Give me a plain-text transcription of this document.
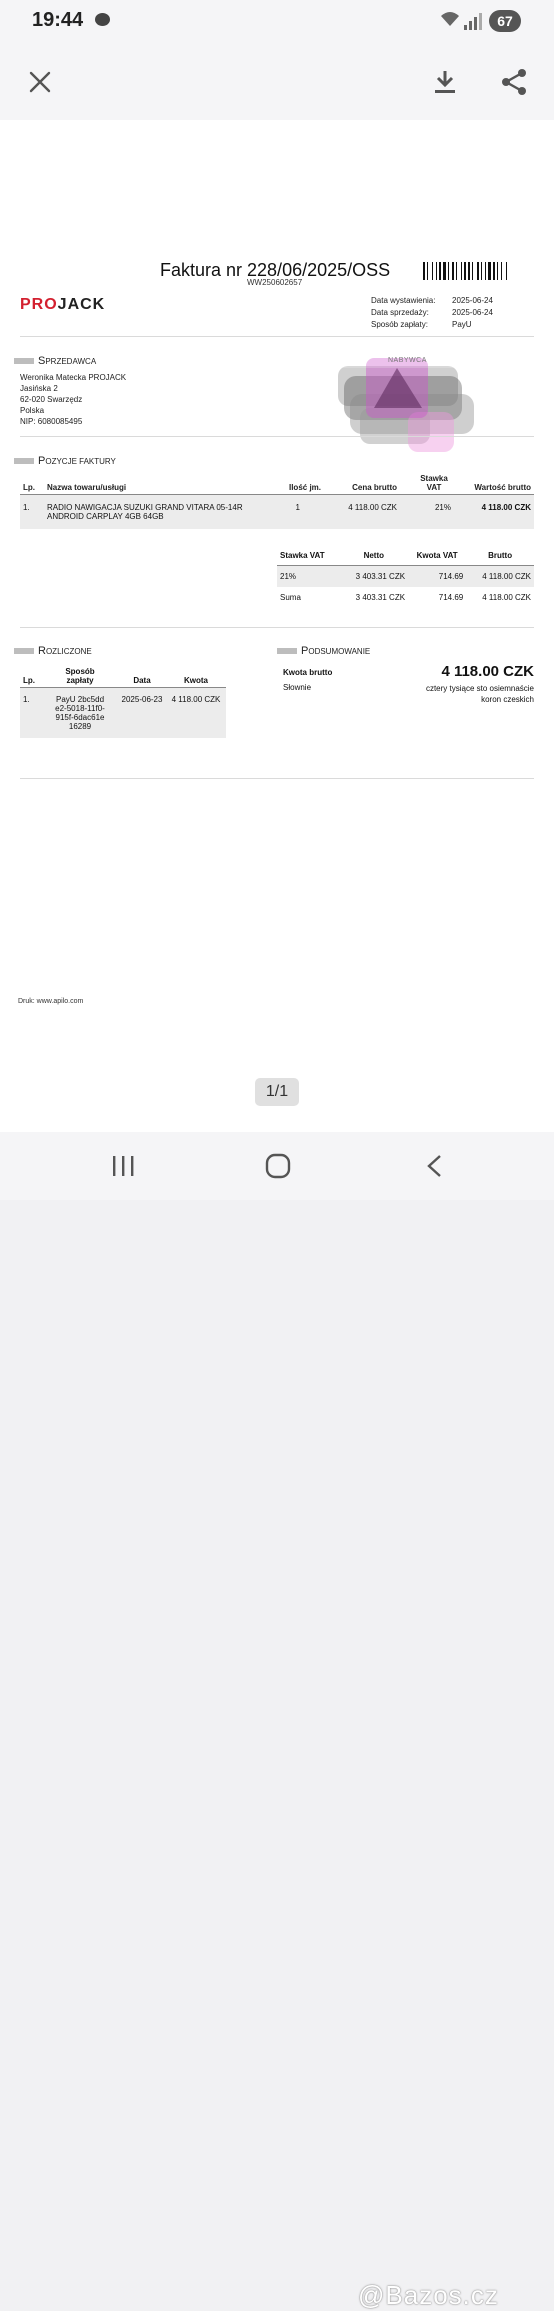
19:44	67
Faktura nr 228/06/2025/OSS
WW250602657
PROJACK	Data wystawienia:	2025-06-24
Data sprzedaży:	2025-06-24
Sposób zapłaty:	PayU
S PRZEDAWCA
Weronika Matecka PROJACK
Jasińska 2
62-020 Swarzędz
Polska
NIP: 6080085495
NABYWCA
P OZYCJE FAKTURY
Lp.	Nazwa towaru/usługi	Ilość jm.	Cena brutto	Stawka VAT	Wartość brutto
1.	RADIO NAWIGACJA SUZUKI GRAND VITARA 05-14R ANDROID CARPLAY 4GB 64GB	1	4 118.00 CZK	21%	4 118.00 CZK
Stawka VAT	Netto	Kwota VAT	Brutto
21%	3 403.31 CZK	714.69	4 118.00 CZK
Suma	3 403.31 CZK	714.69	4 118.00 CZK
R OZLICZONE
Lp.	Sposób zapłaty	Data	Kwota
1.	PayU 2bc5dde2-5018-11f0-915f-6dac61e16289	2025-06-23	4 118.00 CZK
P ODSUMOWANIE
Kwota brutto	4 118.00 CZK
Słownie	cztery tysiące sto osiemnaście koron czeskich
Druk: www.apilo.com
1/1
@Bazos.cz
